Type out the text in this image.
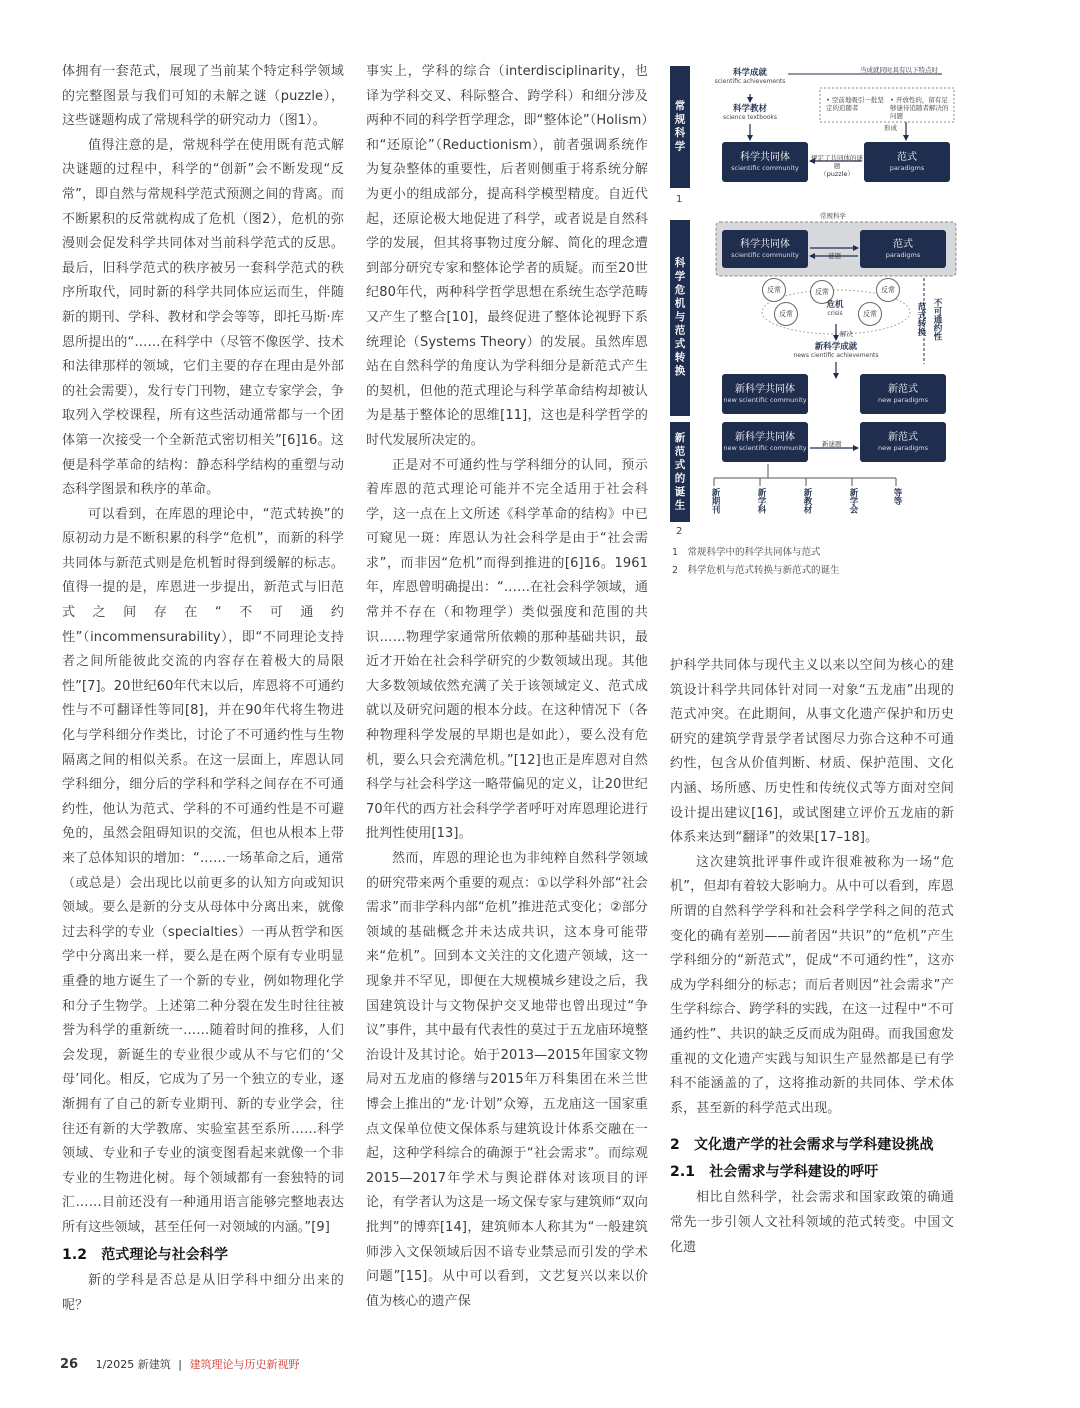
体拥有一套范式，展现了当前某个特定科学领域的完整图景与我们可知的未解之谜（puzzle），这些谜题构成了常规科学的研究动力（图1）。

值得注意的是，常规科学在使用既有范式解决谜题的过程中，科学的“创新”会不断发现“反常”，即自然与常规科学范式预测之间的背离。而不断累积的反常就构成了危机（图2），危机的弥漫则会促发科学共同体对当前科学范式的反思。最后，旧科学范式的秩序被另一套科学范式的秩序所取代，同时新的科学共同体应运而生，伴随新的期刊、学科、教材和学会等等，即托马斯·库恩所提出的“……在科学中（尽管不像医学、技术和法律那样的领域，它们主要的存在理由是外部的社会需要），发行专门刊物，建立专家学会，争取列入学校课程，所有这些活动通常都与一个团体第一次接受一个全新范式密切相关”[6]16。这便是科学革命的结构：静态科学结构的重塑与动态科学图景和秩序的革命。

可以看到，在库恩的理论中，“范式转换”的原初动力是不断积累的科学“危机”，而新的科学共同体与新范式则是危机暂时得到缓解的标志。值得一提的是，库恩进一步提出，新范式与旧范式之间存在“不可通约性”（incommensurability），即“不同理论支持者之间所能彼此交流的内容存在着极大的局限性”[7]。20世纪60年代末以后，库恩将不可通约性与不可翻译性等同[8]，并在90年代将生物进化与学科细分作类比，讨论了不可通约性与生物隔离之间的相似关系。在这一层面上，库恩认同学科细分，细分后的学科和学科之间存在不可通约性，他认为范式、学科的不可通约性是不可避免的，虽然会阻碍知识的交流，但也从根本上带来了总体知识的增加：“……一场革命之后，通常（或总是）会出现比以前更多的认知方向或知识领域。要么是新的分支从母体中分离出来，就像过去科学的专业（specialties）一再从哲学和医学中分离出来一样，要么是在两个原有专业明显重叠的地方诞生了一个新的专业，例如物理化学和分子生物学。上述第二种分裂在发生时往往被誉为科学的重新统一……随着时间的推移，人们会发现，新诞生的专业很少或从不与它们的‘父母’同化。相反，它成为了另一个独立的专业，逐渐拥有了自己的新专业期刊、新的专业学会，往往还有新的大学教席、实验室甚至系所……科学领域、专业和子专业的演变图看起来就像一个非专业的生物进化树。每个领域都有一套独特的词汇……目前还没有一种通用语言能够完整地表达所有这些领域，甚至任何一对领域的内涵。”[9]

1.2　范式理论与社会科学

新的学科是否总是从旧学科中细分出来的呢？

事实上，学科的综合（interdisciplinarity，也译为学科交叉、科际整合、跨学科）和细分涉及两种不同的科学哲学理念，即“整体论”（Holism）和“还原论”（Reductionism），前者强调系统作为复杂整体的重要性，后者则侧重于将系统分解为更小的组成部分，提高科学模型精度。自近代起，还原论极大地促进了科学，或者说是自然科学的发展，但其将事物过度分解、简化的理念遭到部分研究专家和整体论学者的质疑。而至20世纪80年代，两种科学哲学思想在系统生态学范畴又产生了整合[10]，最终促进了整体论视野下系统理论（Systems Theory）的发展。虽然库恩站在自然科学的角度认为学科细分是新范式产生的契机，但他的范式理论与科学革命结构却被认为是基于整体论的思维[11]，这也是科学哲学的时代发展所决定的。

正是对不可通约性与学科细分的认同，预示着库恩的范式理论可能并不完全适用于社会科学，这一点在上文所述《科学革命的结构》中已可窥见一斑：库恩认为社会科学是由于“社会需求”，而非因“危机”而得到推进的[6]16。1961年，库恩曾明确提出：“……在社会科学领域，通常并不存在（和物理学）类似强度和范围的共识……物理学家通常所依赖的那种基础共识，最近才开始在社会科学研究的少数领域出现。其他大多数领域依然充满了关于该领域定义、范式成就以及研究问题的根本分歧。在这种情况下（各种物理科学发展的早期也是如此），要么没有危机，要么只会充满危机。”[12]也正是库恩对自然科学与社会科学这一略带偏见的定义，让20世纪70年代的西方社会科学学者呼吁对库恩理论进行批判性使用[13]。

然而，库恩的理论也为非纯粹自然科学领域的研究带来两个重要的观点：①以学科外部“社会需求”而非学科内部“危机”推进范式变化；②部分领域的基础概念并未达成共识，这本身可能带来“危机”。回到本文关注的文化遗产领域，这一现象并不罕见，即便在大规模城乡建设之后，我国建筑设计与文物保护交叉地带也曾出现过“争议”事件，其中最有代表性的莫过于五龙庙环境整治设计及其讨论。始于2013—2015年国家文物局对五龙庙的修缮与2015年万科集团在米兰世博会上推出的“龙·计划”众筹，五龙庙这一国家重点文保单位使文保体系与建筑设计体系交融在一起，这种学科综合的确源于“社会需求”。而综观2015—2017年学术与舆论群体对该项目的评论，有学者认为这是一场文保专家与建筑师“双向批判”的博弈[14]，建筑师本人称其为“一般建筑师涉入文保领域后因不谙专业禁忌而引发的学术问题”[15]。从中可以看到，文艺复兴以来以价值为核心的遗产保

常规科学
1
科学成就
scientific achievements
科学教材
science textbooks
当成就同时具有以下特点时
• 空前地吸引一批坚定的追随者
• 开放性的，留有足够谜待追随者解决的问题
形成
科学共同体
scientific community
范式
paradigms
规定了共同体的谜题
（puzzle）
科学危机与范式转换
新范式的诞生
2
常规科学
科学共同体
scientific community
范式
paradigms
谜题
反常
反常
反常
反常
反常
危机
crisis
解决
新科学成就
news cientific achievements
不可通约性
范式转换
新科学共同体
new scientific community
新范式
new paradigms
新科学共同体
new scientific community
新范式
new paradigms
新谜题
新期刊	新学科	新教材	新学会	等等
1　常规科学中的科学共同体与范式
2　科学危机与范式转换与新范式的诞生

护科学共同体与现代主义以来以空间为核心的建筑设计科学共同体针对同一对象“五龙庙”出现的范式冲突。在此期间，从事文化遗产保护和历史研究的建筑学背景学者试图尽力弥合这种不可通约性，包含从价值判断、材质、保护范围、文化内涵、场所感、历史性和传统仪式等方面对空间设计提出建议[16]，或试图建立评价五龙庙的新体系来达到“翻译”的效果[17–18]。

这次建筑批评事件或许很难被称为一场“危机”，但却有着较大影响力。从中可以看到，库恩所谓的自然科学学科和社会科学学科之间的范式变化的确有差别——前者因“共识”的“危机”产生学科细分的“新范式”，促成“不可通约性”，这亦成为学科细分的标志；而后者则因“社会需求”产生学科综合、跨学科的实践，在这一过程中“不可通约性”、共识的缺乏反而成为阻碍。而我国愈发重视的文化遗产实践与知识生产显然都是已有学科不能涵盖的了，这将推动新的共同体、学术体系，甚至新的科学范式出现。

2　文化遗产学的社会需求与学科建设挑战
2.1　社会需求与学科建设的呼吁

相比自然科学，社会需求和国家政策的确通常先一步引领人文社科领域的范式转变。中国文化遗

26 1/2025 新建筑 | 建筑理论与历史新视野
